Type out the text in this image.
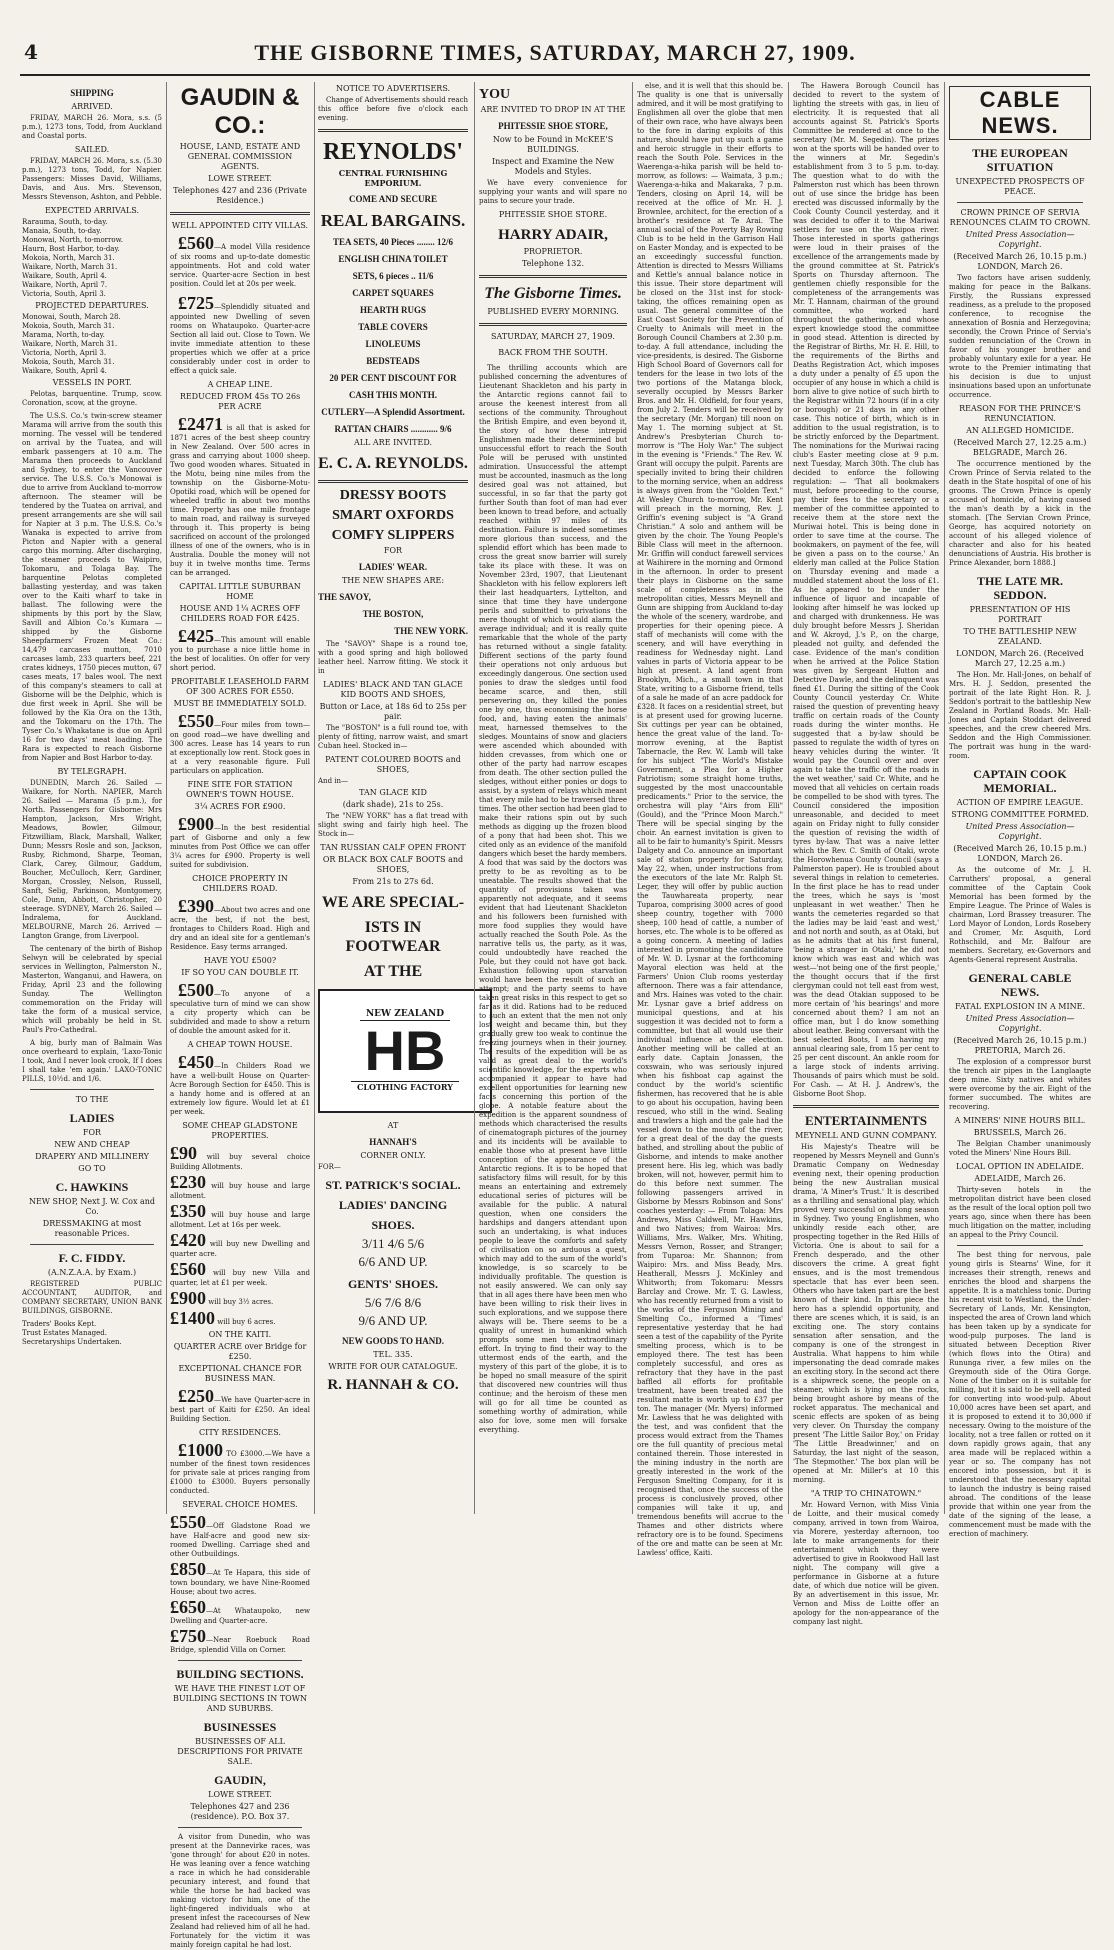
4	THE GISBORNE TIMES, SATURDAY, MARCH 27, 1909.
SHIPPING
ARRIVED.
FRIDAY, MARCH 26. Mora, s.s. (5 p.m.), 1273 tons, Todd, from Auckland and Coastal ports.
SAILED.
FRIDAY, MARCH 26. Mora, s.s. (5.30 p.m.), 1273 tons, Todd, for Napier. Passengers: Misses David, Williams, Davis, and Aus. Mrs. Stevenson, Messrs Stevenson, Ashton, and Pebble.
EXPECTED ARRIVALS.
Rarauma, South, to-day.
Manaia, South, to-day.
Monowai, North, to-morrow.
Haurn, Bost Harbor, to-day.
Mokoia, North, March 31.
Waikare, North, March 31.
Waikare, South, April 4.
Waikare, North, April 7.
Victoria, South, April 3.
PROJECTED DEPARTURES.
Monowai, South, March 28.
Mokoia, South, March 31.
Marama, North, to-day.
Waikare, North, March 31.
Victoria, North, April 3.
Mokoia, South, March 31.
Waikare, South, April 4.
VESSELS IN PORT.
Pelotas, barquentine. Trump, scow. Coronation, scow, at the groyne.
The U.S.S. Co.'s twin-screw steamer Marama will arrive from the south this morning. The vessel will be tendered on arrival by the Tuatea, and will embark passengers at 10 a.m. The Marama then proceeds to Auckland and Sydney, to enter the Vancouver service. The U.S.S. Co.'s Monowai is due to arrive from Auckland to-morrow afternoon. The steamer will be tendered by the Tuatea on arrival, and present arrangements are she will sail for Napier at 3 p.m. The U.S.S. Co.'s Wanaka is expected to arrive from Picton and Napier with a general cargo this morning. After discharging, the steamer proceeds to Waipiro, Tokomaru, and Tolaga Bay. The barquentine Pelotas completed ballasting yesterday, and was taken over to the Kaiti wharf to take in ballast. The following were the shipments by this port by the Slaw, Savill and Albion Co.'s Kumara — shipped by the Gisborne Sheepfarmers' Frozen Meat Co.: 14,479 carcases mutton, 7010 carcases lamb, 233 quarters beef, 221 crates kidneys, 1750 pieces mutton, 67 cases meats, 17 bales wool. The next of this company's steamers to call at Gisborne will be the Delphic, which is due first week in April. She will be followed by the Kia Ora on the 13th, and the Tokomaru on the 17th. The Tyser Co.'s Whakatane is due on April 16 for two days' meat loading. The Rara is expected to reach Gisborne from Napier and Bost Harbor to-day.
BY TELEGRAPH.
DUNEDIN, March 26. Sailed — Waikare, for North. NAPIER, March 26. Sailed — Marama (5 p.m.), for North. Passengers for Gisborne: Mrs Hampton, Jackson, Mrs Wright, Meadows, Bowler, Gilmour, Fitzwilliam, Black, Marshall, Walker, Dunn; Messrs Rosle and son, Jackson, Rusby, Richmond, Sharpe, Teoman, Clark, Carey, Gilmour, Gaddum, Boucher, McCulloch, Kerr, Gardiner, Morgan, Crossley, Nelson, Russell, Sanft, Selig, Parkinson, Montgomery, Cole, Dunn, Abbott, Christopher, 20 steerage. SYDNEY, March 26. Sailed — Indralema, for Auckland. MELBOURNE, March 26. Arrived — Langton Grange, from Liverpool.
The centenary of the birth of Bishop Selwyn will be celebrated by special services in Wellington, Palmerston N., Masterton, Wanganui, and Hawera, on Friday, April 23 and the following Sunday. The Wellington commemoration on the Friday will take the form of a musical service, which will probably be held in St. Paul's Pro-Cathedral.
A big, burly man of Balmain Was once overheard to explain, 'Laxo-Tonic I took, And I never look crook, If I does I shall take 'em again.' LAXO-TONIC PILLS, 10½d. and 1/6.
TO THE
LADIES
FOR
NEW AND CHEAP
DRAPERY AND MILLINERY
GO TO
C. HAWKINS
NEW SHOP, Next J. W. Cox and Co.
DRESSMAKING at most reasonable Prices.
F. C. FIDDY.
(A.N.Z.A.A. by Exam.)
REGISTERED PUBLIC ACCOUNTANT, AUDITOR, and COMPANY SECRETARY, UNION BANK BUILDINGS, GISBORNE.
Traders' Books Kept.
Trust Estates Managed.
Secretaryships Undertaken.
GAUDIN & CO.:
HOUSE, LAND, ESTATE AND GENERAL COMMISSION AGENTS.
LOWE STREET.
Telephones 427 and 236 (Private Residence.)
WELL APPOINTED CITY VILLAS.
£560—A model Villa residence of six rooms and up-to-date domestic appointments. Hot and cold water service. Quarter-acre Section in best position. Could let at 20s per week.
£725—Splendidly situated and appointed new Dwelling of seven rooms on Whataupoko. Quarter-acre Section all laid out. Close to Town. We invite immediate attention to these properties which we offer at a price considerably under cost in order to effect a quick sale.
A CHEAP LINE.
REDUCED FROM 45s TO 26s PER ACRE
£2471 is all that is asked for 1871 acres of the best sheep country in New Zealand. Over 500 acres in grass and carrying about 1000 sheep. Two good wooden whares. Situated in the Motu, being nine miles from the township on the Gisborne-Motu-Opotiki road, which will be opened for wheeled traffic in about two months time. Property has one mile frontage to main road, and railway is surveyed through it. This property is being sacrificed on account of the prolonged illness of one of the owners, who is in Australia. Double the money will not buy it in twelve months time. Terms can be arranged.
CAPITAL LITTLE SUBURBAN HOME
HOUSE AND 1¼ ACRES OFF CHILDERS ROAD FOR £425.
£425—This amount will enable you to purchase a nice little home in the best of localities. On offer for very short period.
PROFITABLE LEASEHOLD FARM OF 300 ACRES FOR £550.
MUST BE IMMEDIATELY SOLD.
£550—Four miles from town—on good road—we have dwelling and 300 acres. Lease has 14 years to run at exceptionally low rent. Stock goes in at a very reasonable figure. Full particulars on application.
FINE SITE FOR STATION OWNER'S TOWN HOUSE.
3¼ ACRES FOR £900.
£900—In the best residential part of Gisborne and only a few minutes from Post Office we can offer 3¼ acres for £900. Property is well suited for subdivision.
CHOICE PROPERTY IN CHILDERS ROAD.
£390—About two acres and one acre, the best, if not the best, frontages to Childers Road. High and dry and an ideal site for a gentleman's Residence. Easy terms arranged.
HAVE YOU £500?
IF SO YOU CAN DOUBLE IT.
£500—To anyone of a speculative turn of mind we can show a city property which can be subdivided and made to show a return of double the amount asked for it.
A CHEAP TOWN HOUSE.
£450—In Childers Road we have a well-built House on Quarter-Acre Borough Section for £450. This is a handy home and is offered at an extremely low figure. Would let at £1 per week.
SOME CHEAP GLADSTONE PROPERTIES.
£90 will buy several choice Building Allotments.
£230 will buy house and large allotment.
£350 will buy house and large allotment. Let at 16s per week.
£420 will buy new Dwelling and quarter acre.
£560 will buy new Villa and quarter, let at £1 per week.
£900 will buy 3½ acres.
£1400 will buy 6 acres.
ON THE KAITI.
QUARTER ACRE over Bridge for £250.
EXCEPTIONAL CHANCE FOR BUSINESS MAN.
£250—We have Quarter-acre in best part of Kaiti for £250. An ideal Building Section.
CITY RESIDENCES.
£1000 TO £3000.—We have a number of the finest town residences for private sale at prices ranging from £1000 to £3000. Buyers personally conducted.
SEVERAL CHOICE HOMES.
£550—Off Gladstone Road we have Half-acre and good new six-roomed Dwelling. Carriage shed and other Outbuildings.
£850—At Te Hapara, this side of town boundary, we have Nine-Roomed House; about two acres.
£650—At Whataupoko, new Dwelling and Quarter-acre.
£750—Near Roebuck Road Bridge, splendid Villa on Corner.
BUILDING SECTIONS.
WE HAVE THE FINEST LOT OF BUILDING SECTIONS IN TOWN AND SUBURBS.
BUSINESSES
BUSINESSES OF ALL DESCRIPTIONS FOR PRIVATE SALE.
GAUDIN,
LOWE STREET.
Telephones 427 and 236 (residence). P.O. Box 37.
A visitor from Dunedin, who was present at the Dannevirke races, was 'gone through' for about £20 in notes. He was leaning over a fence watching a race in which he had considerable pecuniary interest, and found that while the horse he had backed was making victory for him, one of the light-fingered individuals who at present infest the racecourses of New Zealand had relieved him of all he had. Fortunately for the victim it was mainly foreign capital he had lost.
NOTICE TO ADVERTISERS.
Change of Advertisements should reach this office before five o'clock each evening.
REYNOLDS'
CENTRAL FURNISHING EMPORIUM.
COME AND SECURE
REAL BARGAINS.
TEA SETS, 40 Pieces ........ 12/6
ENGLISH CHINA TOILET
SETS, 6 pieces .. 11/6
CARPET SQUARES
HEARTH RUGS
TABLE COVERS
LINOLEUMS
BEDSTEADS
20 PER CENT DISCOUNT FOR
CASH THIS MONTH.
CUTLERY—A Splendid Assortment.
RATTAN CHAIRS ............ 9/6
ALL ARE INVITED.
E. C. A. REYNOLDS.
DRESSY BOOTS
SMART OXFORDS
COMFY SLIPPERS
FOR
LADIES' WEAR.
THE NEW SHAPES ARE:
THE SAVOY,
THE BOSTON,
THE NEW YORK.
The "SAVOY" Shape is a round toe, with a good spring and high bollowed leather heel. Narrow fitting. We stock it in
LADIES' BLACK AND TAN GLACE KID BOOTS AND SHOES,
Button or Lace, at 18s 6d to 25s per pair.
The "BOSTON" is a full round toe, with plenty of fitting, narrow waist, and smart Cuban heel. Stocked in—
PATENT COLOURED BOOTS and SHOES,
And in—
TAN GLACE KID
(dark shade), 21s to 25s.
The "NEW YORK" has a flat tread with slight swing and fairly high heel. The Stock in—
TAN RUSSIAN CALF OPEN FRONT
OR BLACK BOX CALF BOOTS and SHOES,
From 21s to 27s 6d.
WE ARE SPECIAL-
ISTS IN FOOTWEAR
AT THE
NEW ZEALAND
HB
CLOTHING FACTORY
AT
HANNAH'S
CORNER ONLY.
FOR—
ST. PATRICK'S SOCIAL.
LADIES' DANCING
SHOES.
3/11 4/6 5/6
6/6 AND UP.
GENTS' SHOES.
5/6 7/6 8/6
9/6 AND UP.
NEW GOODS TO HAND.
TEL. 335.
WRITE FOR OUR CATALOGUE.
R. HANNAH & CO.
YOU
ARE INVITED TO DROP IN AT THE
PHITESSIE SHOE STORE,
Now to be Found in McKEE'S BUILDINGS.
Inspect and Examine the New Models and Styles.
We have every convenience for supplying your wants and will spare no pains to secure your trade.
PHITESSIE SHOE STORE.
HARRY ADAIR,
PROPRIETOR.
Telephone 132.
The Gisborne Times.
PUBLISHED EVERY MORNING.
SATURDAY, MARCH 27, 1909.
BACK FROM THE SOUTH.
The thrilling accounts which are published concerning the adventures of Lieutenant Shackleton and his party in the Antarctic regions cannot fail to arouse the keenest interest from all sections of the community. Throughout the British Empire, and even beyond it, the story of how these intrepid Englishmen made their determined but unsuccessful effort to reach the South Pole will be perused with unstinted admiration. Unsuccessful the attempt must be accounted, inasmuch as the long desired goal was not attained, but successful, in so far that the party got further South than foot of man had ever been known to tread before, and actually reached within 97 miles of its destination. Failure is indeed sometimes more glorious than success, and the splendid effort which has been made to cross the great snow barrier will surely take its place with these. It was on November 23rd, 1907, that Lieutenant Shackleton with his fellow explorers left their last headquarters, Lyttelton, and since that time they have undergone perils and submitted to privations the mere thought of which would alarm the average individual; and it is really quite remarkable that the whole of the party has returned without a single fatality. Different sections of the party found their operations not only arduous but exceedingly dangerous. One section used ponies to draw the sledges until food became scarce, and then, still persevering on, they killed the ponies one by one, thus economising the horse food, and, having eaten the animals' meat, harnessed themselves to the sledges. Mountains of snow and glaciers were ascended which abounded with hidden crevasses, from which one or other of the party had narrow escapes from death. The other section pulled the sledges, without either ponies or dogs to assist, by a system of relays which meant that every mile had to be traversed three times. The other section had been glad to make their rations spin out by such methods as digging up the frozen blood of a pony that had been shot. This we cited only as an evidence of the manifold dangers which beset the hardy members. A food that was said by the doctors was pretty to be as revolting as to be uneatable. The results showed that the quantity of provisions taken was apparently not adequate, and it seems evident that had Lieutenant Shackleton and his followers been furnished with more food supplies they would have actually reached the South Pole. As the narrative tells us, the party, as it was, could undoubtedly have reached the Pole, but they could not have got back. Exhaustion following upon starvation would have been the result of such an attempt; and the party seems to have taken great risks in this respect to get so far as it did. Rations had to be reduced to such an extent that the men not only lost weight and became thin, but they gradually grew too weak to continue the freezing journeys when in their journey. The results of the expedition will be as valid as great deal to the world's scientific knowledge, for the experts who accompanied it appear to have had excellent opportunities for learning new facts concerning this portion of the globe. A notable feature about the expedition is the apparent soundness of methods which characterised the results of cinematograph pictures of the journey and its incidents will be available to enable those who at present have little conception of the appearance of the Antarctic regions. It is to be hoped that satisfactory films will result, for by this means an entertaining and extremely educational series of pictures will be available for the public. A natural question, when one considers the hardships and dangers attendant upon such an undertaking, is what induces people to leave the comforts and safety of civilisation on so arduous a quest, which may add to the sum of the world's knowledge, is so scarcely to be individually profitable. The question is not easily answered. We can only say that in all ages there have been men who have been willing to risk their lives in such explorations, and we suppose there always will be. There seems to be a quality of unrest in humankind which prompts some men to extraordinary effort. In trying to find their way to the uttermost ends of the earth, and the mystery of this part of the globe, it is to be hoped no small measure of the spirit that discovered new countries will thus continue; and the heroism of these men will go for all time be counted as something worthy of admiration, while also for love, some men will forsake everything.
else, and it is well that this should be. The quality is one that is universally admired, and it will be most gratifying to Englishmen all over the globe that men of their own race, who have always been to the fore in daring exploits of this nature, should have put up such a game and heroic struggle in their efforts to reach the South Pole. Services in the Waerenga-a-hika parish will be held to-morrow, as follows: — Waimata, 3 p.m.; Waerenga-a-hika and Makaraka, 7 p.m. Tenders, closing on April 14, will be received at the office of Mr. H. J. Brownlee, architect, for the erection of a brother's residence at Te Arai. The annual social of the Poverty Bay Rowing Club is to be held in the Garrison Hall on Easter Monday, and is expected to be an exceedingly successful function. Attention is directed to Messrs Williams and Kettle's annual balance notice in this issue. Their store department will be closed on the 31st inst for stock-taking, the offices remaining open as usual. The general committee of the East Coast Society for the Prevention of Cruelty to Animals will meet in the Borough Council Chambers at 2.30 p.m. to-day. A full attendance, including the vice-presidents, is desired. The Gisborne High School Board of Governors call for tenders for the lease in two lots of the two portions of the Matanga block, severally occupied by Messrs Barker Bros. and Mr. H. Oldfield, for four years, from July 2. Tenders will be received by the secretary (Mr. Morgan) till noon on May 1. The morning subject at St. Andrew's Presbyterian Church to-morrow is "The Holy War." The subject in the evening is "Friends." The Rev. W. Grant will occupy the pulpit. Parents are specially invited to bring their children to the morning service, when an address is always given from the "Golden Text." At Wesley Church to-morrow, Mr. Kent will preach in the morning, Rev. J. Griffin's evening subject is "A Grand Christian." A solo and anthem will be given by the choir. The Young People's Bible Class will meet in the afternoon. Mr. Griffin will conduct farewell services at Waihirere in the morning and Ormond in the afternoon. In order to present their plays in Gisborne on the same scale of completeness as in the metropolitan cities, Messrs Meynell and Gunn are shipping from Auckland to-day the whole of the scenery, wardrobe, and properties for their opening piece. A staff of mechanists will come with the scenery, and will have everything in readiness for Wednesday night. Land values in parts of Victoria appear to be high at present. A land agent from Brooklyn, Mich., a small town in that State, writing to a Gisborne friend, tells of a sale he made of an acre paddock for £328. It faces on a residential street, but is at present used for growing lucerne. Six cuttings per year can be obtained, hence the great value of the land. To-morrow evening, at the Baptist Tabernacle, the Rev. W. Lamb will take for his subject "The World's Mistake Government, a Plea for a Higher Patriotism; some straight home truths, suggested by the most unaccountable predicaments." Prior to the service, the orchestra will play "Airs from Elli" (Gould), and the "Prince Moon March." There will be special singing by the choir. An earnest invitation is given to all to be fair to humanity's Spirit. Messrs Dalgety and Co. announce an important sale of station property for Saturday, May 22, when, under instructions from the executors of the late Mr. Ralph St. Leger, they will offer by public auction the Tauwhareata property, near Tuparoa, comprising 3000 acres of good sheep country, together with 7000 sheep, 100 head of cattle, a number of horses, etc. The whole is to be offered as a going concern. A meeting of ladies interested in promoting the candidature of Mr. W. D. Lysnar at the forthcoming Mayoral election was held at the Farmers' Union Club rooms yesterday afternoon. There was a fair attendance, and Mrs. Haines was voted to the chair. Mr. Lysnar gave a brief address on municipal questions, and at his suggestion it was decided not to form a committee, but that all would use their individual influence at the election. Another meeting will be called at an early date. Captain Jonassen, the coxswain, who was seriously injured when his fishboat cap against the conduct by the world's scientific fishermen, has recovered that he is able to go about his occupation, having been rescued, who still in the wind. Sealing and trawlers a high and the gale had the vessel down to the mouth of the river, for a great deal of the day the guests bathed, and strolling about the public of Gisborne, and intends to make another present here. His leg, which was badly broken, will not, however, permit him to do this before next summer. The following passengers arrived in Gisborne by Messrs Robinson and Sons' coaches yesterday: — From Tolaga: Mrs Andrews, Miss Caldwell, Mr. Hawkins, and two Natives; from Wairoa: Mrs. Williams, Mrs. Walker, Mrs. Whiting, Messrs Vernon, Rosser, and Stranger; from Tuparoa: Mr. Shannon; from Waipiro: Mrs. and Miss Beady, Mrs. Heatherall, Messrs J. McKinley and Whitworth; from Tokomaru: Messrs Barclay and Crowe. Mr. T. G. Lawless, who has recently returned from a visit to the works of the Ferguson Mining and Smelting Co., informed a 'Times' representative yesterday that he had seen a test of the capability of the Pyrite smelting process, which is to be employed there. The test has been completely successful, and ores as refractory that they have in the past baffled all efforts for profitable treatment, have been treated and the resultant matte is worth up to £37 per ton. The manager (Mr. Myers) informed Mr. Lawless that he was delighted with the test, and was confident that the process would extract from the Thames ore the full quantity of precious metal contained therein. Those interested in the mining industry in the north are greatly interested in the work of the Ferguson Smelting Company, for it is recognised that, once the success of the process is conclusively proved, other companies will take it up, and tremendous benefits will accrue to the Thames and other districts where refractory ore is to be found. Specimens of the ore and matte can be seen at Mr. Lawless' office, Kaiti.
The Hawera Borough Council has decided to revert to the system of lighting the streets with gas, in lieu of electricity. It is requested that all accounts against St. Patrick's Sports Committee be rendered at once to the secretary (Mr. M. Segedin). The prizes won at the sports will be handed over to the winners at Mr. Segedin's establishment from 3 to 5 p.m. to-day. The question what to do with the Palmerston rust which has been thrown out of use since the bridge has been erected was discussed informally by the Cook County Council yesterday, and it was decided to offer it to the Mariwai settlers for use on the Waipoa river. Those interested in sports gatherings were loud in their praises of the excellence of the arrangements made by the ground committee at St. Patrick's Sports on Thursday afternoon. The gentlemen chiefly responsible for the completeness of the arrangements was Mr. T. Hannam, chairman of the ground committee, who worked hard throughout the gathering, and whose expert knowledge stood the committee in good stead. Attention is directed by the Registrar of Births, Mr. H. E. Hill, to the requirements of the Births and Deaths Registration Act, which imposes a duty under a penalty of £5 upon the occupier of any house in which a child is born alive to give notice of such birth to the Registrar within 72 hours (if in a city or borough) or 21 days in any other case. This notice of birth, which is in addition to the usual registration, is to be strictly enforced by the Department. The nominations for the Muriwai racing club's Easter meeting close at 9 p.m. next Tuesday, March 30th. The club has decided to enforce the following regulation: — 'That all bookmakers must, before proceeding to the course, pay their fees to the secretary or a member of the committee appointed to receive them at the store next the Muriwai hotel. This is being done in order to save time at the course. The bookmakers, on payment of the fee, will be given a pass on to the course.' An elderly man called at the Police Station on Thursday evening and made a muddled statement about the loss of £1. As he appeared to be under the influence of liquor and incapable of looking after himself he was locked up and charged with drunkenness. He was duly brought before Messrs J. Sheridan and W. Akroyd, J.'s P., on the charge, pleaded not guilty, and defended the case. Evidence of the man's condition when he arrived at the Police Station was given by Sergeant Hutton and Detective Dawle, and the delinquent was fined £1. During the sitting of the Cook County Council yesterday Cr. White raised the question of preventing heavy traffic on certain roads of the County roads during the winter months. He suggested that a by-law should be passed to regulate the width of tyres on heavy vehicles during the winter. 'It would pay the Council over and over again to take the traffic off the roads in the wet weather,' said Cr. White, and he moved that all vehicles on certain roads be compelled to be shod with tyres. The Council considered the imposition unreasonable, and decided to meet again on Friday night to fully consider the question of revising the width of tyres by-law. That was a naive letter which the Rev. C. Smith of Otaki, wrote the Horowhenua County Council (says a Palmerston paper). He is troubled about several things in relation to cemeteries. In the first place he has to read under the trees, which he says is 'most unpleasant in wet weather.' Then he wants the cemeteries regarded so that the ladies may be laid 'east and west,' and not north and south, as at Otaki, but as he admits that at his first funeral, 'being a stranger in Otaki,' he did not know which was east and which was west—'not being one of the first people,' the thought occurs that if the first clergyman could not tell east from west, was the dead Otakian supposed to be more certain of 'his bearings' and more concerned about them? I am not an office man, but I do know something about leather. Being conversant with the best selected Boots, I am having my annual clearing sale, from 15 per cent to 25 per cent discount. An ankle room for a large stock of indents arriving. Thousands of pairs which must be sold. For Cash. — At H. J. Andrew's, the Gisborne Boot Shop.
ENTERTAINMENTS
MEYNELL AND GUNN COMPANY.
His Majesty's Theatre will be reopened by Messrs Meynell and Gunn's Dramatic Company on Wednesday evening next, their opening production being the new Australian musical drama, 'A Miner's Trust.' It is described as a thrilling and sensational play, which proved very successful on a long season in Sydney. Two young Englishmen, who unkindly reside each other, are prospecting together in the Red Hills of Victoria. One is about to sail for a French desperado, and the other discovers the crime. A great fight ensues, and is the most tremendous spectacle that has ever been seen. Others who have taken part are the best known of their kind. In this piece the hero has a splendid opportunity, and there are scenes which, it is said, is an exciting one. The story contains sensation after sensation, and the company is one of the strongest in Australia. What happens to him while impersonating the dead comrade makes an exciting story. In the second act there is a shipwreck scene, the people on a steamer, which is lying on the rocks, being brought ashore by means of the rocket apparatus. The mechanical and scenic effects are spoken of as being very clever. On Thursday the company present 'The Little Sailor Boy,' on Friday 'The Little Breadwinner,' and on Saturday, the last night of the season, 'The Stepmother.' The box plan will be opened at Mr. Miller's at 10 this morning.
"A TRIP TO CHINATOWN."
Mr. Howard Vernon, with Miss Vinia de Loitte, and their musical comedy company, arrived in town from Wairoa, via Morere, yesterday afternoon, too late to make arrangements for their entertainment which they were advertised to give in Rookwood Hall last night. The company will give a performance in Gisborne at a future date, of which due notice will be given. By an advertisement in this issue, Mr. Vernon and Miss de Loitte offer an apology for the non-appearance of the company last night.
CABLE NEWS.
THE EUROPEAN SITUATION
UNEXPECTED PROSPECTS OF PEACE.
CROWN PRINCE OF SERVIA RENOUNCES CLAIM TO CROWN.
United Press Association—Copyright.
(Received March 26, 10.15 p.m.) LONDON, March 26.
Two factors have arisen suddenly, making for peace in the Balkans. Firstly, the Russians expressed readiness, as a prelude to the proposed conference, to recognise the annexation of Bosnia and Herzegovina; secondly, the Crown Prince of Servia's sudden renunciation of the Crown in favor of his younger brother and probably voluntary exile for a year. He wrote to the Premier intimating that his decision is due to unjust insinuations based upon an unfortunate occurrence.
REASON FOR THE PRINCE'S RENUNCIATION.
AN ALLEGED HOMICIDE.
(Received March 27, 12.25 a.m.) BELGRADE, March 26.
The occurrence mentioned by the Crown Prince of Servia related to the death in the State hospital of one of his grooms. The Crown Prince is openly accused of homicide, of having caused the man's death by a kick in the stomach. [The Servian Crown Prince, George, has acquired notoriety on account of his alleged violence of character and also for his heated denunciations of Austria. His brother is Prince Alexander, born 1888.]
THE LATE MR. SEDDON.
PRESENTATION OF HIS PORTRAIT
TO THE BATTLESHIP NEW ZEALAND.
LONDON, March 26. (Received March 27, 12.25 a.m.)
The Hon. Mr. Hall-Jones, on behalf of Mrs. H. J. Seddon, presented the portrait of the late Right Hon. R. J. Seddon's portrait to the battleship New Zealand in Portland Roads. Mr. Hall-Jones and Captain Stoddart delivered speeches, and the crew cheered Mrs. Seddon and the High Commissioner. The portrait was hung in the ward-room.
CAPTAIN COOK MEMORIAL.
ACTION OF EMPIRE LEAGUE.
STRONG COMMITTEE FORMED.
United Press Association—Copyright.
(Received March 26, 10.15 p.m.) LONDON, March 26.
As the outcome of Mr. J. H. Carruthers' proposal, a general committee of the Captain Cook Memorial has been formed by the Empire League. The Prince of Wales is chairman, Lord Brassey treasurer. The Lord Mayor of London, Lords Rosebery and Cromer, Mr. Asquith, Lord Rothschild, and Mr. Balfour are members. Secretary, ex-Governors and Agents-General represent Australia.
GENERAL CABLE NEWS.
FATAL EXPLOSION IN A MINE.
United Press Association—Copyright.
(Received March 26, 10.15 p.m.) PRETORIA, March 26.
The explosion of a compressor burst the trench air pipes in the Langlaagte deep mine. Sixty natives and whites were overcome by the air. Eight of the former succumbed. The whites are recovering.
A MINERS' NINE HOURS BILL.
BRUSSELS, March 26.
The Belgian Chamber unanimously voted the Miners' Nine Hours Bill.
LOCAL OPTION IN ADELAIDE.
ADELAIDE, March 26.
Thirty-seven hotels in the metropolitan district have been closed as the result of the local option poll two years ago, since when there has been much litigation on the matter, including an appeal to the Privy Council.
The best thing for nervous, pale young girls is Stearns' Wine, for it increases their strength, renews and enriches the blood and sharpens the appetite. It is a matchless tonic. During his recent visit to Westland, the Under-Secretary of Lands, Mr. Kensington, inspected the area of Crown land which has been taken up by a syndicate for wood-pulp purposes. The land is situated between Deception River (which flows into the Otira) and Rununga river, a few miles on the Greymouth side of the Otira Gorge. None of the timber on it is suitable for milling, but it is said to be well adapted for converting into wood-pulp. About 10,000 acres have been set apart, and it is proposed to extend it to 30,000 if necessary. Owing to the moisture of the locality, not a tree fallen or rotted on it down rapidly grows again, that any area made will be replaced within a year or so. The company has not encored into possession, but it is understood that the necessary capital to launch the industry is being raised abroad. The conditions of the lease provide that within one year from the date of the signing of the lease, a commencement must be made with the erection of machinery.
